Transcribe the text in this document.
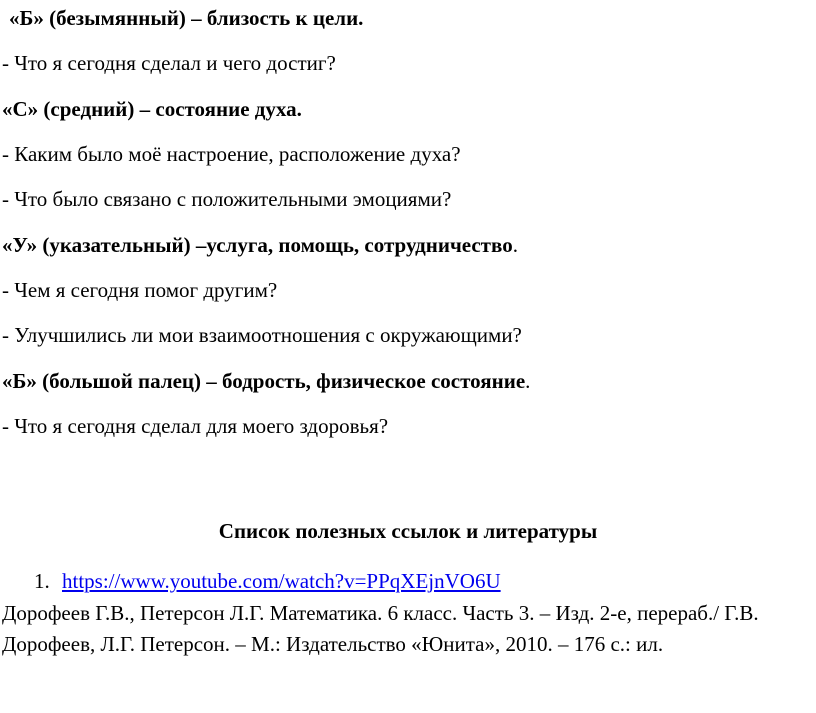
«Б» (безымянный) – близость к цели.
- Что я сегодня сделал и чего достиг?
«С» (средний) – состояние духа.
- Каким было моё настроение, расположение духа?
- Что было связано с положительными эмоциями?
«У» (указательный) –услуга, помощь, сотрудничество.
- Чем я сегодня помог другим?
- Улучшились ли мои взаимоотношения с окружающими?
«Б» (большой палец) – бодрость, физическое состояние.
- Что я сегодня сделал для моего здоровья?
Список полезных ссылок и литературы
1. https://www.youtube.com/watch?v=PPqXEjnVO6U
Дорофеев Г.В., Петерсон Л.Г. Математика. 6 класс. Часть 3. – Изд. 2-е, перераб./ Г.В. Дорофеев, Л.Г. Петерсон. – М.: Издательство «Юнита», 2010. – 176 с.: ил.
